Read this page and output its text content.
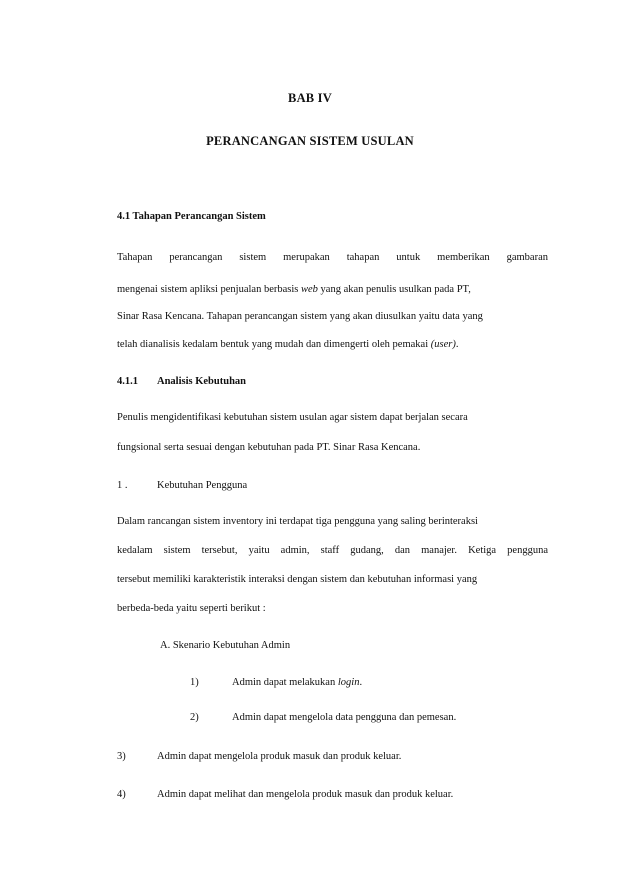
BAB IV
PERANCANGAN SISTEM USULAN
4.1 Tahapan Perancangan Sistem
Tahapan perancangan sistem merupakan tahapan untuk memberikan gambaran
mengenai sistem apliksi penjualan berbasis web yang akan penulis usulkan pada PT,
Sinar Rasa Kencana. Tahapan perancangan sistem yang akan diusulkan yaitu data yang
telah dianalisis kedalam bentuk yang mudah dan dimengerti oleh pemakai (user).
4.1.1 Analisis Kebutuhan
Penulis mengidentifikasi kebutuhan sistem usulan agar sistem dapat berjalan secara
fungsional serta sesuai dengan kebutuhan pada PT. Sinar Rasa Kencana.
1 .	Kebutuhan Pengguna
Dalam rancangan sistem inventory ini terdapat tiga pengguna yang saling berinteraksi
kedalam sistem tersebut, yaitu admin, staff gudang, dan manajer. Ketiga pengguna
tersebut memiliki karakteristik interaksi dengan sistem dan kebutuhan informasi yang
berbeda-beda yaitu seperti berikut :
A. Skenario Kebutuhan Admin
1)	Admin dapat melakukan login.
2)	Admin dapat mengelola data pengguna dan pemesan.
3)	Admin dapat mengelola produk masuk dan produk keluar.
4)	Admin dapat melihat dan mengelola produk masuk dan produk keluar.
